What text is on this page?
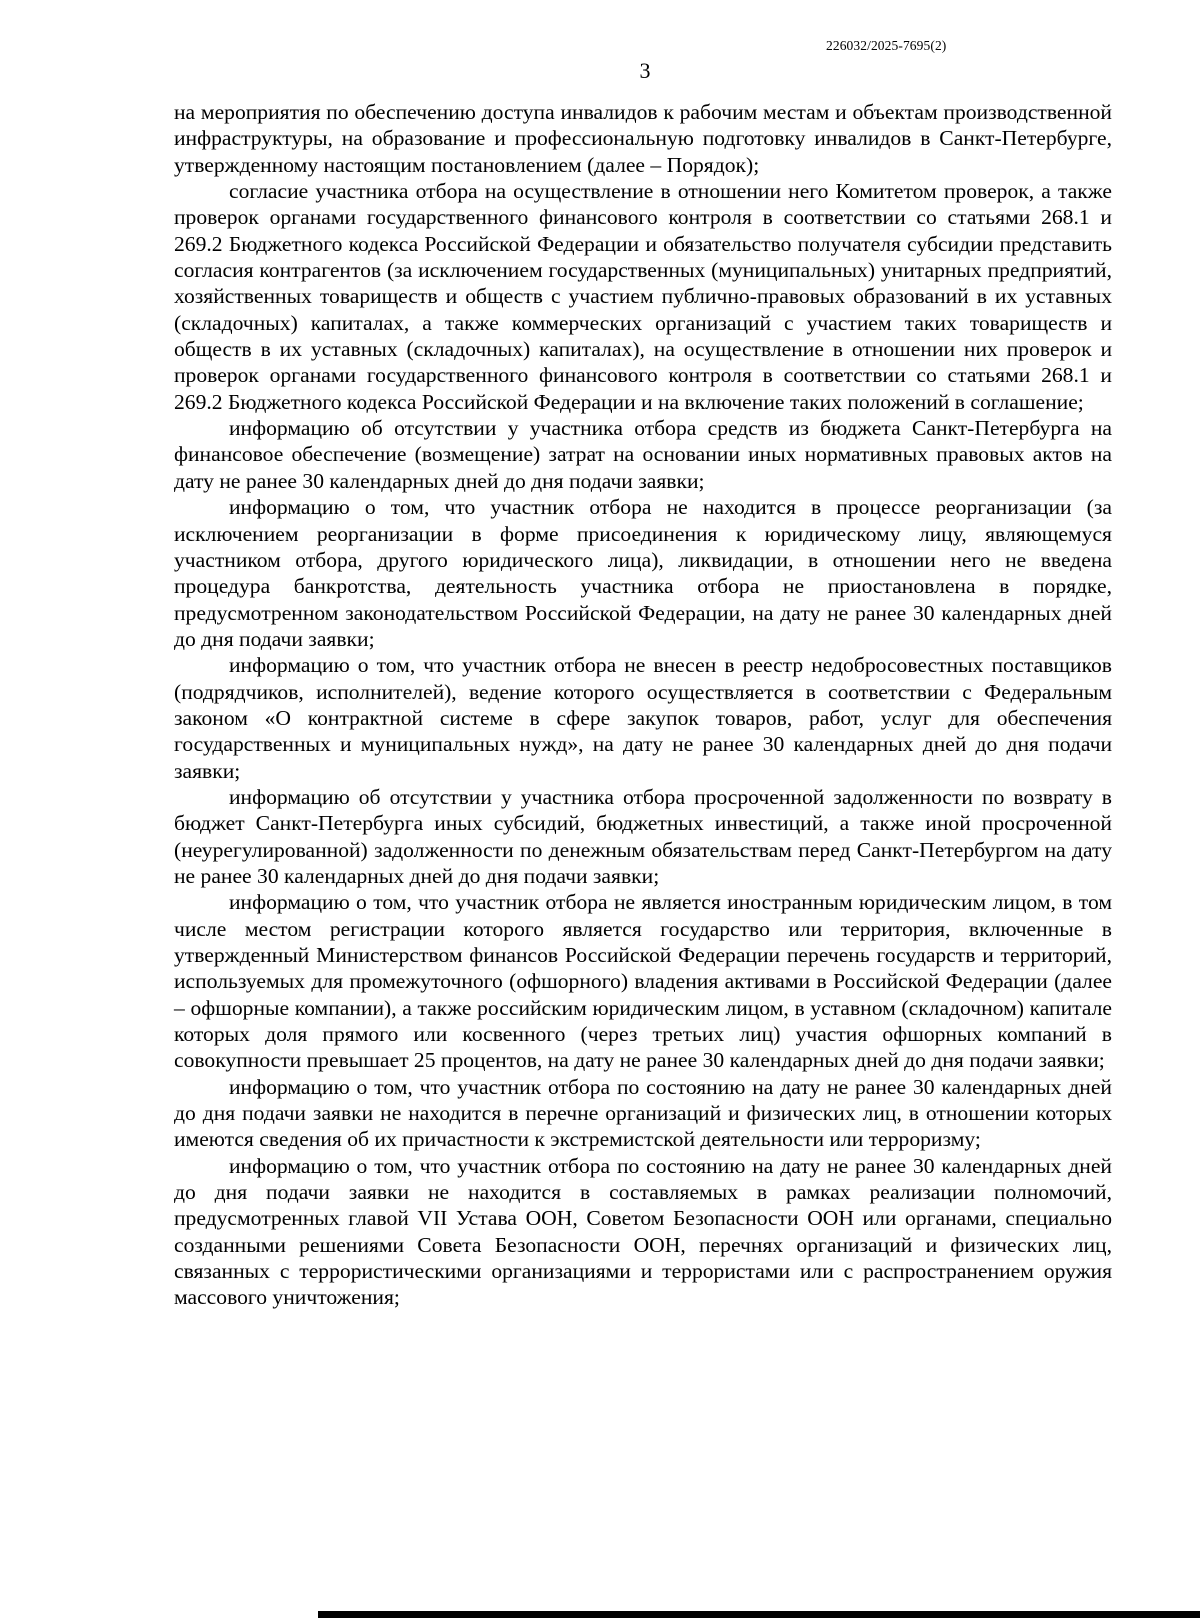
226032/2025-7695(2)
3

на мероприятия по обеспечению доступа инвалидов к рабочим местам и объектам производственной инфраструктуры, на образование и профессиональную подготовку инвалидов в Санкт-Петербурге, утвержденному настоящим постановлением (далее – Порядок);

согласие участника отбора на осуществление в отношении него Комитетом проверок, а также проверок органами государственного финансового контроля в соответствии со статьями 268.1 и 269.2 Бюджетного кодекса Российской Федерации и обязательство получателя субсидии представить согласия контрагентов (за исключением государственных (муниципальных) унитарных предприятий, хозяйственных товариществ и обществ с участием публично-правовых образований в их уставных (складочных) капиталах, а также коммерческих организаций с участием таких товариществ и обществ в их уставных (складочных) капиталах), на осуществление в отношении них проверок и проверок органами государственного финансового контроля в соответствии со статьями 268.1 и 269.2 Бюджетного кодекса Российской Федерации и на включение таких положений в соглашение;

информацию об отсутствии у участника отбора средств из бюджета Санкт-Петербурга на финансовое обеспечение (возмещение) затрат на основании иных нормативных правовых актов на дату не ранее 30 календарных дней до дня подачи заявки;

информацию о том, что участник отбора не находится в процессе реорганизации (за исключением реорганизации в форме присоединения к юридическому лицу, являющемуся участником отбора, другого юридического лица), ликвидации, в отношении него не введена процедура банкротства, деятельность участника отбора не приостановлена в порядке, предусмотренном законодательством Российской Федерации, на дату не ранее 30 календарных дней до дня подачи заявки;

информацию о том, что участник отбора не внесен в реестр недобросовестных поставщиков (подрядчиков, исполнителей), ведение которого осуществляется в соответствии с Федеральным законом «О контрактной системе в сфере закупок товаров, работ, услуг для обеспечения государственных и муниципальных нужд», на дату не ранее 30 календарных дней до дня подачи заявки;

информацию об отсутствии у участника отбора просроченной задолженности по возврату в бюджет Санкт-Петербурга иных субсидий, бюджетных инвестиций, а также иной просроченной (неурегулированной) задолженности по денежным обязательствам перед Санкт-Петербургом на дату не ранее 30 календарных дней до дня подачи заявки;

информацию о том, что участник отбора не является иностранным юридическим лицом, в том числе местом регистрации которого является государство или территория, включенные в утвержденный Министерством финансов Российской Федерации перечень государств и территорий, используемых для промежуточного (офшорного) владения активами в Российской Федерации (далее – офшорные компании), а также российским юридическим лицом, в уставном (складочном) капитале которых доля прямого или косвенного (через третьих лиц) участия офшорных компаний в совокупности превышает 25 процентов, на дату не ранее 30 календарных дней до дня подачи заявки;

информацию о том, что участник отбора по состоянию на дату не ранее 30 календарных дней до дня подачи заявки не находится в перечне организаций и физических лиц, в отношении которых имеются сведения об их причастности к экстремистской деятельности или терроризму;

информацию о том, что участник отбора по состоянию на дату не ранее 30 календарных дней до дня подачи заявки не находится в составляемых в рамках реализации полномочий, предусмотренных главой VII Устава ООН, Советом Безопасности ООН или органами, специально созданными решениями Совета Безопасности ООН, перечнях организаций и физических лиц, связанных с террористическими организациями и террористами или с распространением оружия массового уничтожения;
